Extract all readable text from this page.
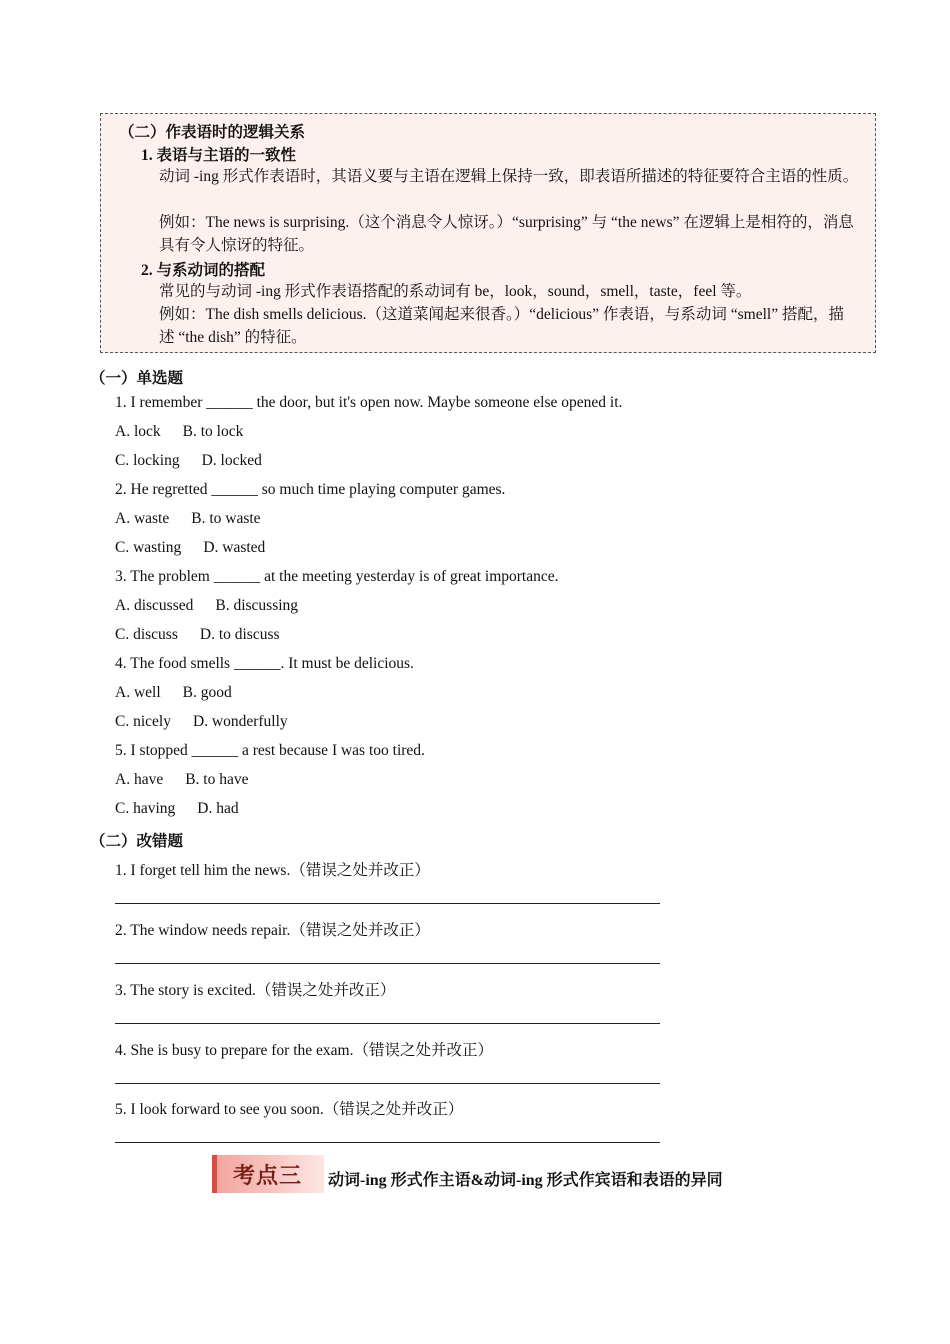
（二）作表语时的逻辑关系
1. 表语与主语的一致性
动词 -ing 形式作表语时，其语义要与主语在逻辑上保持一致，即表语所描述的特征要符合主语的性质。
例如：The news is surprising.（这个消息令人惊讶。）“surprising” 与 “the news” 在逻辑上是相符的，消息具有令人惊讶的特征。
2. 与系动词的搭配
常见的与动词 -ing 形式作表语搭配的系动词有 be，look，sound，smell，taste，feel 等。
例如：The dish smells delicious.（这道菜闻起来很香。）“delicious” 作表语，与系动词 “smell” 搭配，描述 “the dish” 的特征。
（一）单选题
1. I remember ______ the door, but it's open now. Maybe someone else opened it.
A. lock B. to lock
C. locking D. locked
2. He regretted ______ so much time playing computer games.
A. waste B. to waste
C. wasting D. wasted
3. The problem ______ at the meeting yesterday is of great importance.
A. discussed B. discussing
C. discuss D. to discuss
4. The food smells ______. It must be delicious.
A. well B. good
C. nicely D. wonderfully
5. I stopped ______ a rest because I was too tired.
A. have B. to have
C. having D. had
（二）改错题
1. I forget tell him the news.（错误之处并改正）
2. The window needs repair.（错误之处并改正）
3. The story is excited.（错误之处并改正）
4. She is busy to prepare for the exam.（错误之处并改正）
5. I look forward to see you soon.（错误之处并改正）
考点三 动词-ing 形式作主语&动词-ing 形式作宾语和表语的异同
